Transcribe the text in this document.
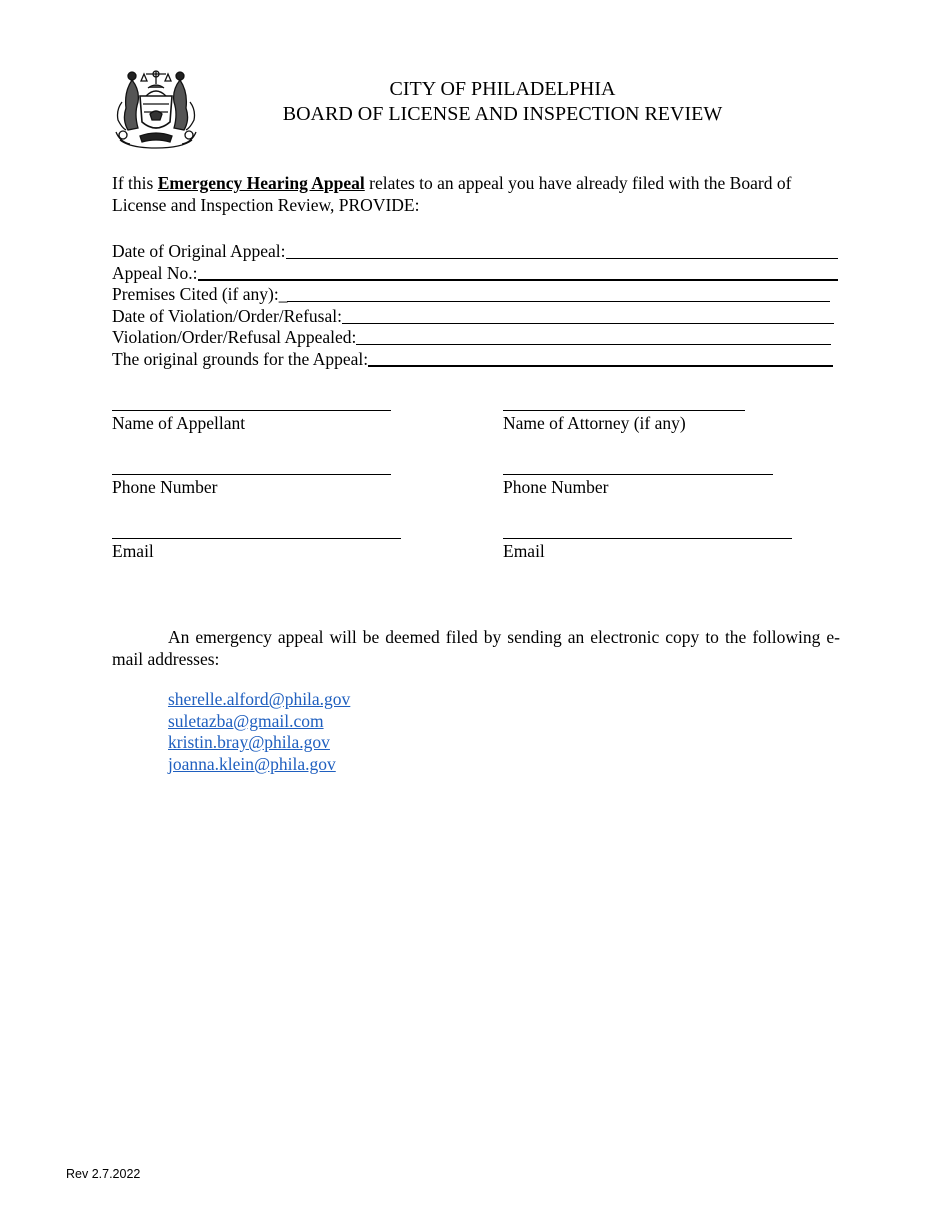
CITY OF PHILADELPHIA
BOARD OF LICENSE AND INSPECTION REVIEW
If this Emergency Hearing Appeal relates to an appeal you have already filed with the Board of License and Inspection Review, PROVIDE:
Date of Original Appeal:
Appeal No.:
Premises Cited (if any):_
Date of Violation/Order/Refusal:
Violation/Order/Refusal Appealed:
The original grounds for the Appeal:
Name of Appellant	Name of Attorney (if any)
Phone Number	Phone Number
Email	Email
An emergency appeal will be deemed filed by sending an electronic copy to the following e-mail addresses:
sherelle.alford@phila.gov
suletazba@gmail.com
kristin.bray@phila.gov
joanna.klein@phila.gov
Rev 2.7.2022
